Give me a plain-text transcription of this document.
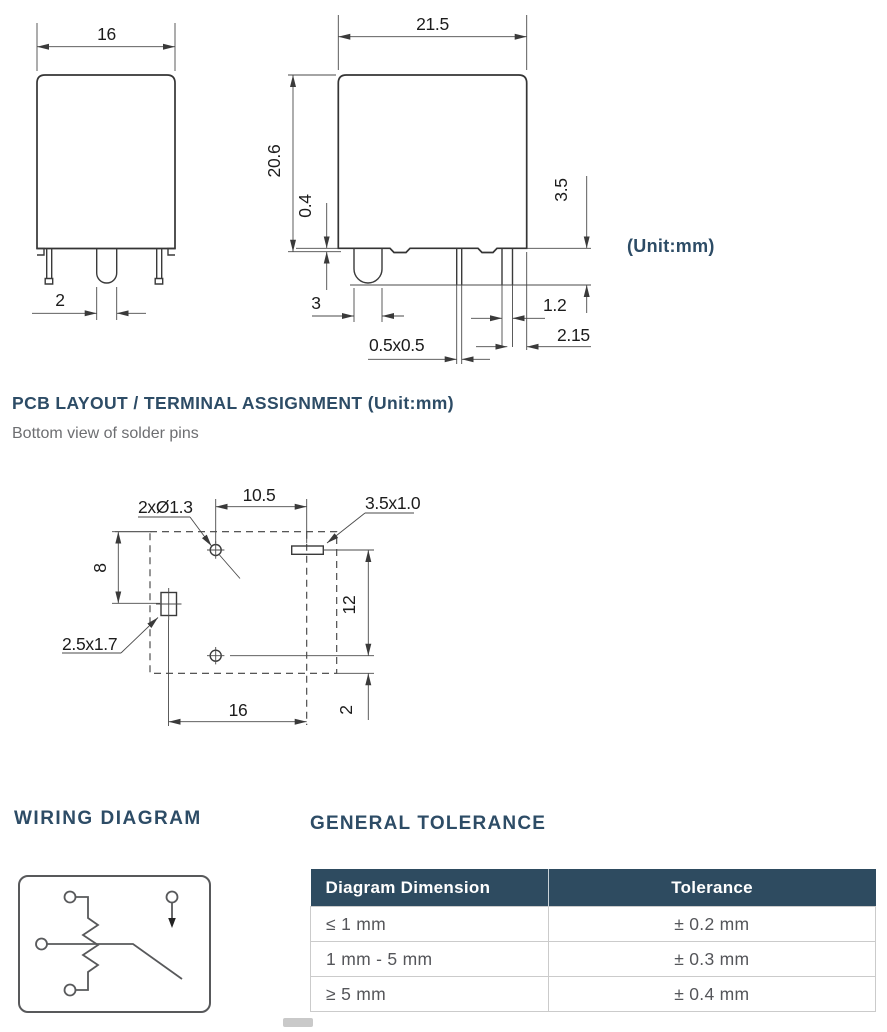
16
2
21.5
20.6
0.4
3.5
3
0.5x0.5
1.2
2.15
(Unit:mm)
PCB LAYOUT / TERMINAL ASSIGNMENT (Unit:mm)
Bottom view of solder pins
10.5
2xØ1.3	3.5x1.0
2.5x1.7
8
12
2
16
WIRING DIAGRAM	GENERAL TOLERANCE
Diagram Dimension	Tolerance
≤ 1 mm	± 0.2 mm
1 mm - 5 mm	± 0.3 mm
≥ 5 mm	± 0.4 mm
